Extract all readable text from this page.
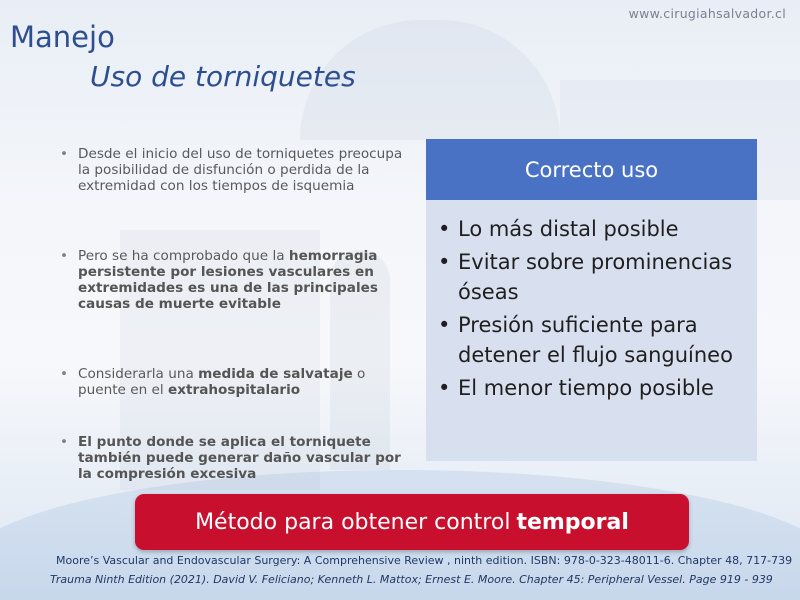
www.cirugiahsalvador.cl
Manejo
Uso de torniquetes
• Desde el inicio del uso de torniquetes preocupa la posibilidad de disfunción o perdida de la extremidad con los tiempos de isquemia
• Pero se ha comprobado que la hemorragia persistente por lesiones vasculares en extremidades es una de las principales causas de muerte evitable
• Considerarla una medida de salvataje o puente en el extrahospitalario
• El punto donde se aplica el torniquete también puede generar daño vascular por la compresión excesiva
Correcto uso
• Lo más distal posible
• Evitar sobre prominencias óseas
• Presión suficiente para detener el flujo sanguíneo
• El menor tiempo posible
Método para obtener control temporal
Moore’s Vascular and Endovascular Surgery: A Comprehensive Review , ninth edition. ISBN: 978-0-323-48011-6. Chapter 48, 717-739
Trauma Ninth Edition (2021). David V. Feliciano; Kenneth L. Mattox; Ernest E. Moore. Chapter 45: Peripheral Vessel. Page 919 - 939
